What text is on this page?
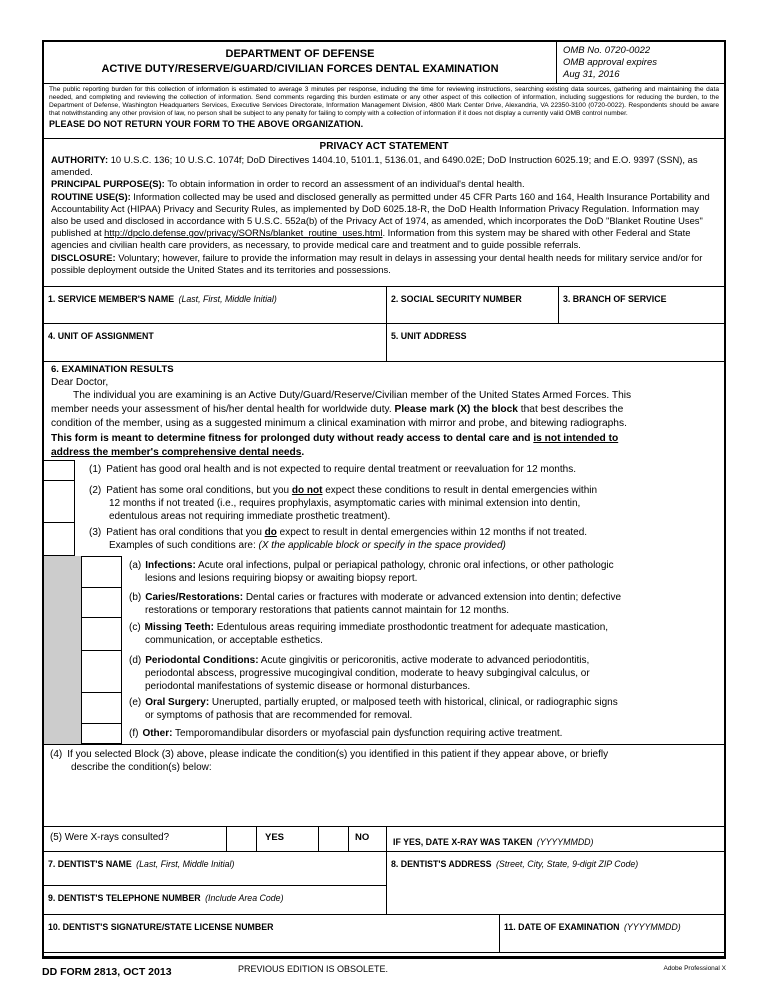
DEPARTMENT OF DEFENSE
ACTIVE DUTY/RESERVE/GUARD/CIVILIAN FORCES DENTAL EXAMINATION
OMB No. 0720-0022
OMB approval expires
Aug 31, 2016
The public reporting burden for this collection of information is estimated to average 3 minutes per response, including the time for reviewing instructions, searching existing data sources, gathering and maintaining the data needed, and completing and reviewing the collection of information. Send comments regarding this burden estimate or any other aspect of this collection of information, including suggestions for reducing the burden, to the Department of Defense, Washington Headquarters Services, Executive Services Directorate, Information Management Division, 4800 Mark Center Drive, Alexandria, VA 22350-3100 (0720-0022). Respondents should be aware that notwithstanding any other provision of law, no person shall be subject to any penalty for failing to comply with a collection of information if it does not display a currently valid OMB control number.
PLEASE DO NOT RETURN YOUR FORM TO THE ABOVE ORGANIZATION.
PRIVACY ACT STATEMENT
AUTHORITY: 10 U.S.C. 136; 10 U.S.C. 1074f; DoD Directives 1404.10, 5101.1, 5136.01, and 6490.02E; DoD Instruction 6025.19; and E.O. 9397 (SSN), as amended.
PRINCIPAL PURPOSE(S): To obtain information in order to record an assessment of an individual's dental health.
ROUTINE USE(S): Information collected may be used and disclosed generally as permitted under 45 CFR Parts 160 and 164, Health Insurance Portability and Accountability Act (HIPAA) Privacy and Security Rules, as implemented by DoD 6025.18-R, the DoD Health Information Privacy Regulation. Information may also be used and disclosed in accordance with 5 U.S.C. 552a(b) of the Privacy Act of 1974, as amended, which incorporates the DoD "Blanket Routine Uses" published at http://dpclo.defense.gov/privacy/SORNs/blanket_routine_uses.html. Information from this system may be shared with other Federal and State agencies and civilian health care providers, as necessary, to provide medical care and treatment and to guide possible referrals.
DISCLOSURE: Voluntary; however, failure to provide the information may result in delays in assessing your dental health needs for military service and/or for possible deployment outside the United States and its territories and possessions.
1. SERVICE MEMBER'S NAME (Last, First, Middle Initial)	2. SOCIAL SECURITY NUMBER	3. BRANCH OF SERVICE
4. UNIT OF ASSIGNMENT	5. UNIT ADDRESS
6. EXAMINATION RESULTS
Dear Doctor,
The individual you are examining is an Active Duty/Guard/Reserve/Civilian member of the United States Armed Forces. This
member needs your assessment of his/her dental health for worldwide duty. Please mark (X) the block that best describes the
condition of the member, using as a suggested minimum a clinical examination with mirror and probe, and bitewing radiographs.
This form is meant to determine fitness for prolonged duty without ready access to dental care and is not intended to
address the member's comprehensive dental needs.
(1) Patient has good oral health and is not expected to require dental treatment or reevaluation for 12 months.
(2) Patient has some oral conditions, but you do not expect these conditions to result in dental emergencies within
12 months if not treated (i.e., requires prophylaxis, asymptomatic caries with minimal extension into dentin,
edentulous areas not requiring immediate prosthetic treatment).
(3) Patient has oral conditions that you do expect to result in dental emergencies within 12 months if not treated.
Examples of such conditions are: (X the applicable block or specify in the space provided)
(a) Infections: Acute oral infections, pulpal or periapical pathology, chronic oral infections, or other pathologic
lesions and lesions requiring biopsy or awaiting biopsy report.
(b) Caries/Restorations: Dental caries or fractures with moderate or advanced extension into dentin; defective
restorations or temporary restorations that patients cannot maintain for 12 months.
(c) Missing Teeth: Edentulous areas requiring immediate prosthodontic treatment for adequate mastication,
communication, or acceptable esthetics.
(d) Periodontal Conditions: Acute gingivitis or pericoronitis, active moderate to advanced periodontitis,
periodontal abscess, progressive mucogingival condition, moderate to heavy subgingival calculus, or
periodontal manifestations of systemic disease or hormonal disturbances.
(e) Oral Surgery: Unerupted, partially erupted, or malposed teeth with historical, clinical, or radiographic signs
or symptoms of pathosis that are recommended for removal.
(f) Other: Temporomandibular disorders or myofascial pain dysfunction requiring active treatment.
(4) If you selected Block (3) above, please indicate the condition(s) you identified in this patient if they appear above, or briefly
describe the condition(s) below:
(5) Were X-rays consulted?	YES	NO	IF YES, DATE X-RAY WAS TAKEN (YYYYMMDD)
7. DENTIST'S NAME (Last, First, Middle Initial)
9. DENTIST'S TELEPHONE NUMBER (Include Area Code)
8. DENTIST'S ADDRESS (Street, City, State, 9-digit ZIP Code)
10. DENTIST'S SIGNATURE/STATE LICENSE NUMBER	11. DATE OF EXAMINATION (YYYYMMDD)
DD FORM 2813, OCT 2013	PREVIOUS EDITION IS OBSOLETE.	Adobe Professional X
